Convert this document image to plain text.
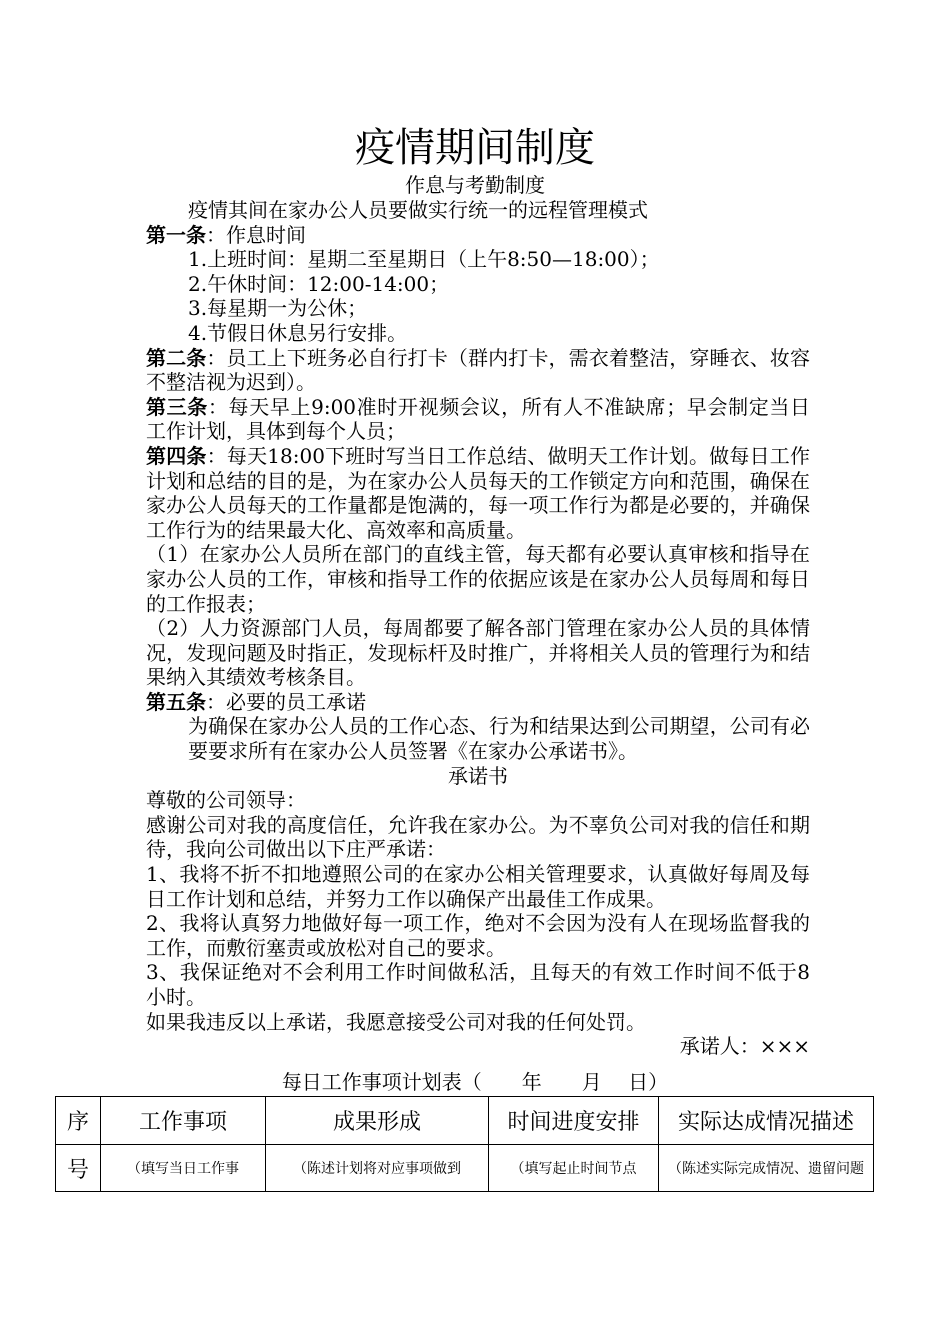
疫情期间制度
作息与考勤制度

疫情其间在家办公人员要做实行统一的远程管理模式

第一条：作息时间

1.上班时间：星期二至星期日（上午8:50—18:00）；

2.午休时间：12:00-14:00；

3.每星期一为公休；

4.节假日休息另行安排。

第二条：员工上下班务必自行打卡（群内打卡，需衣着整洁，穿睡衣、妆容不整洁视为迟到）。

第三条：每天早上9:00准时开视频会议，所有人不准缺席；早会制定当日工作计划，具体到每个人员；

第四条：每天18:00下班时写当日工作总结、做明天工作计划。做每日工作计划和总结的目的是，为在家办公人员每天的工作锁定方向和范围，确保在家办公人员每天的工作量都是饱满的，每一项工作行为都是必要的，并确保工作行为的结果最大化、高效率和高质量。

（1）在家办公人员所在部门的直线主管，每天都有必要认真审核和指导在家办公人员的工作，审核和指导工作的依据应该是在家办公人员每周和每日的工作报表；

（2）人力资源部门人员，每周都要了解各部门管理在家办公人员的具体情况，发现问题及时指正，发现标杆及时推广，并将相关人员的管理行为和结果纳入其绩效考核条目。

第五条：必要的员工承诺

为确保在家办公人员的工作心态、行为和结果达到公司期望，公司有必要要求所有在家办公人员签署《在家办公承诺书》。

承诺书

尊敬的公司领导：

感谢公司对我的高度信任，允许我在家办公。为不辜负公司对我的信任和期待，我向公司做出以下庄严承诺：

1、我将不折不扣地遵照公司的在家办公相关管理要求，认真做好每周及每日工作计划和总结，并努力工作以确保产出最佳工作成果。

2、我将认真努力地做好每一项工作，绝对不会因为没有人在现场监督我的工作，而敷衍塞责或放松对自己的要求。

3、我保证绝对不会利用工作时间做私活，且每天的有效工作时间不低于8小时。

如果我违反以上承诺，我愿意接受公司对我的任何处罚。

承诺人：×××

每日工作事项计划表（　　年　　月　 日）
序	工作事项	成果形成	时间进度安排	实际达成情况描述
号	（填写当日工作事	（陈述计划将对应事项做到	（填写起止时间节点	（陈述实际完成情况、遗留问题
